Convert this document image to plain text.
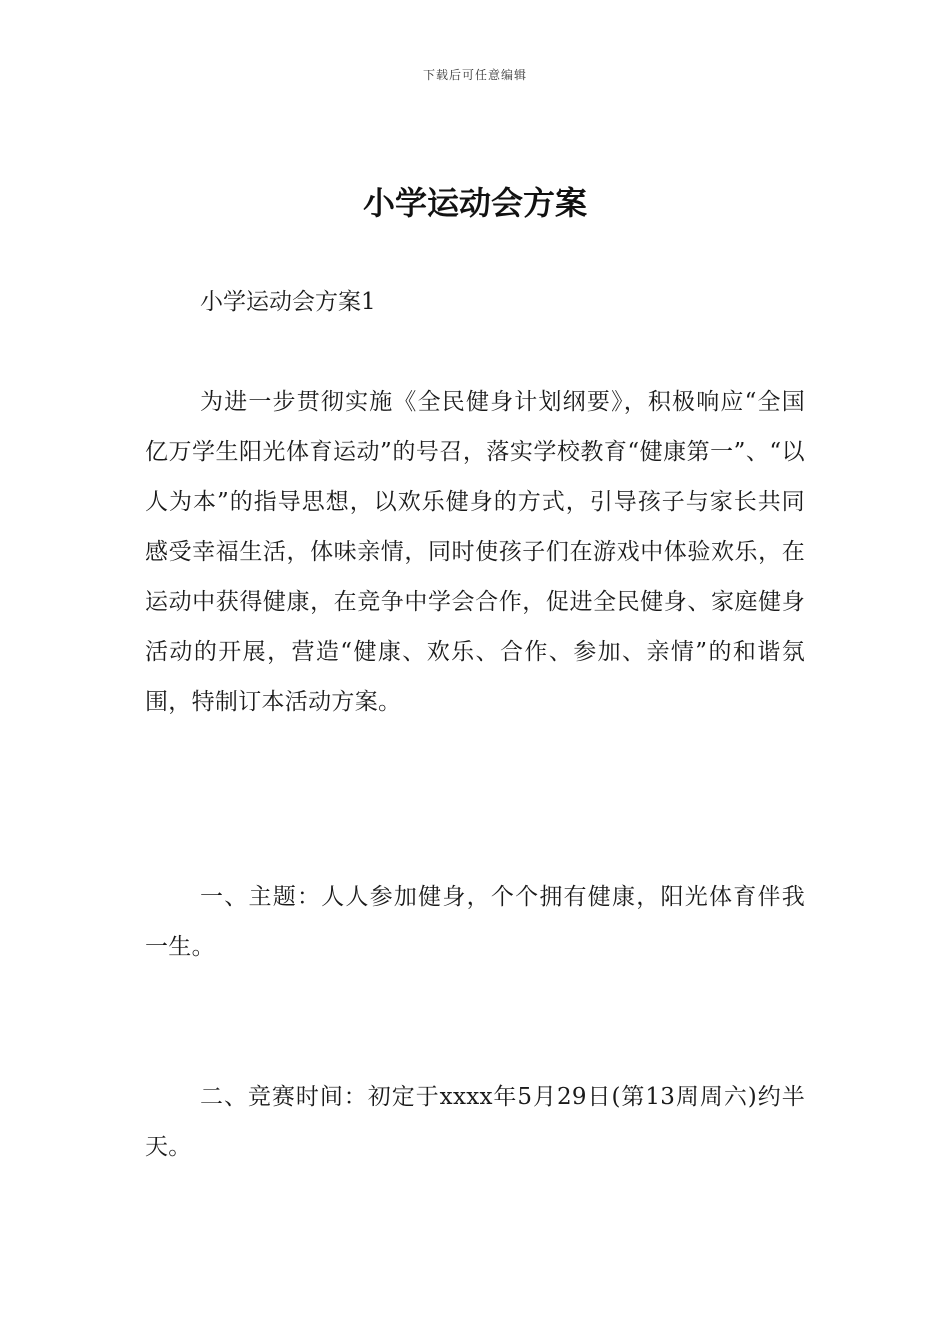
下载后可任意编辑
小学运动会方案

小学运动会方案1

为进一步贯彻实施《全民健身计划纲要》，积极响应“全国亿万学生阳光体育运动”的号召，落实学校教育“健康第一”、“以人为本”的指导思想，以欢乐健身的方式，引导孩子与家长共同感受幸福生活，体味亲情，同时使孩子们在游戏中体验欢乐，在运动中获得健康，在竞争中学会合作，促进全民健身、家庭健身活动的开展，营造“健康、欢乐、合作、参加、亲情”的和谐氛围，特制订本活动方案。

一、主题：人人参加健身，个个拥有健康，阳光体育伴我一生。

二、竞赛时间：初定于xxxx年5月29日(第13周周六)约半天。
